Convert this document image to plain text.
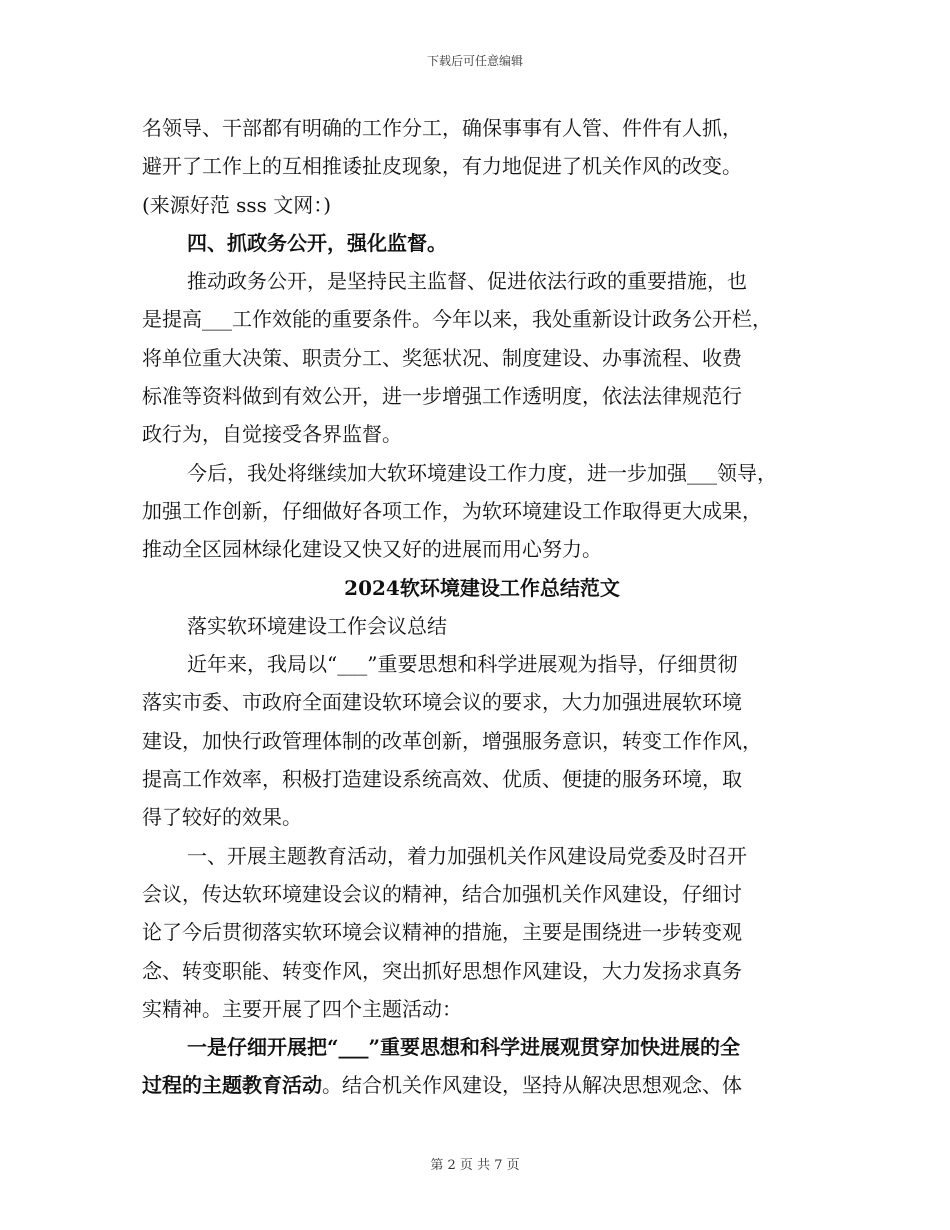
下载后可任意编辑
名领导、干部都有明确的工作分工，确保事事有人管、件件有人抓，
避开了工作上的互相推诿扯皮现象，有力地促进了机关作风的改变。
(来源好范 sss 文网：)
四、抓政务公开，强化监督。
推动政务公开，是坚持民主监督、促进依法行政的重要措施，也
是提高___工作效能的重要条件。今年以来，我处重新设计政务公开栏，
将单位重大决策、职责分工、奖惩状况、制度建设、办事流程、收费
标准等资料做到有效公开，进一步增强工作透明度，依法法律规范行
政行为，自觉接受各界监督。
今后，我处将继续加大软环境建设工作力度，进一步加强___领导，
加强工作创新，仔细做好各项工作，为软环境建设工作取得更大成果，
推动全区园林绿化建设又快又好的进展而用心努力。
2024软环境建设工作总结范文
落实软环境建设工作会议总结
近年来，我局以“___”重要思想和科学进展观为指导，仔细贯彻
落实市委、市政府全面建设软环境会议的要求，大力加强进展软环境
建设，加快行政管理体制的改革创新，增强服务意识，转变工作作风，
提高工作效率，积极打造建设系统高效、优质、便捷的服务环境，取
得了较好的效果。
一、开展主题教育活动，着力加强机关作风建设局党委及时召开
会议，传达软环境建设会议的精神，结合加强机关作风建设，仔细讨
论了今后贯彻落实软环境会议精神的措施，主要是围绕进一步转变观
念、转变职能、转变作风，突出抓好思想作风建设，大力发扬求真务
实精神。主要开展了四个主题活动：
一是仔细开展把“___”重要思想和科学进展观贯穿加快进展的全
过程的主题教育活动。结合机关作风建设，坚持从解决思想观念、体
第 2 页 共 7 页
